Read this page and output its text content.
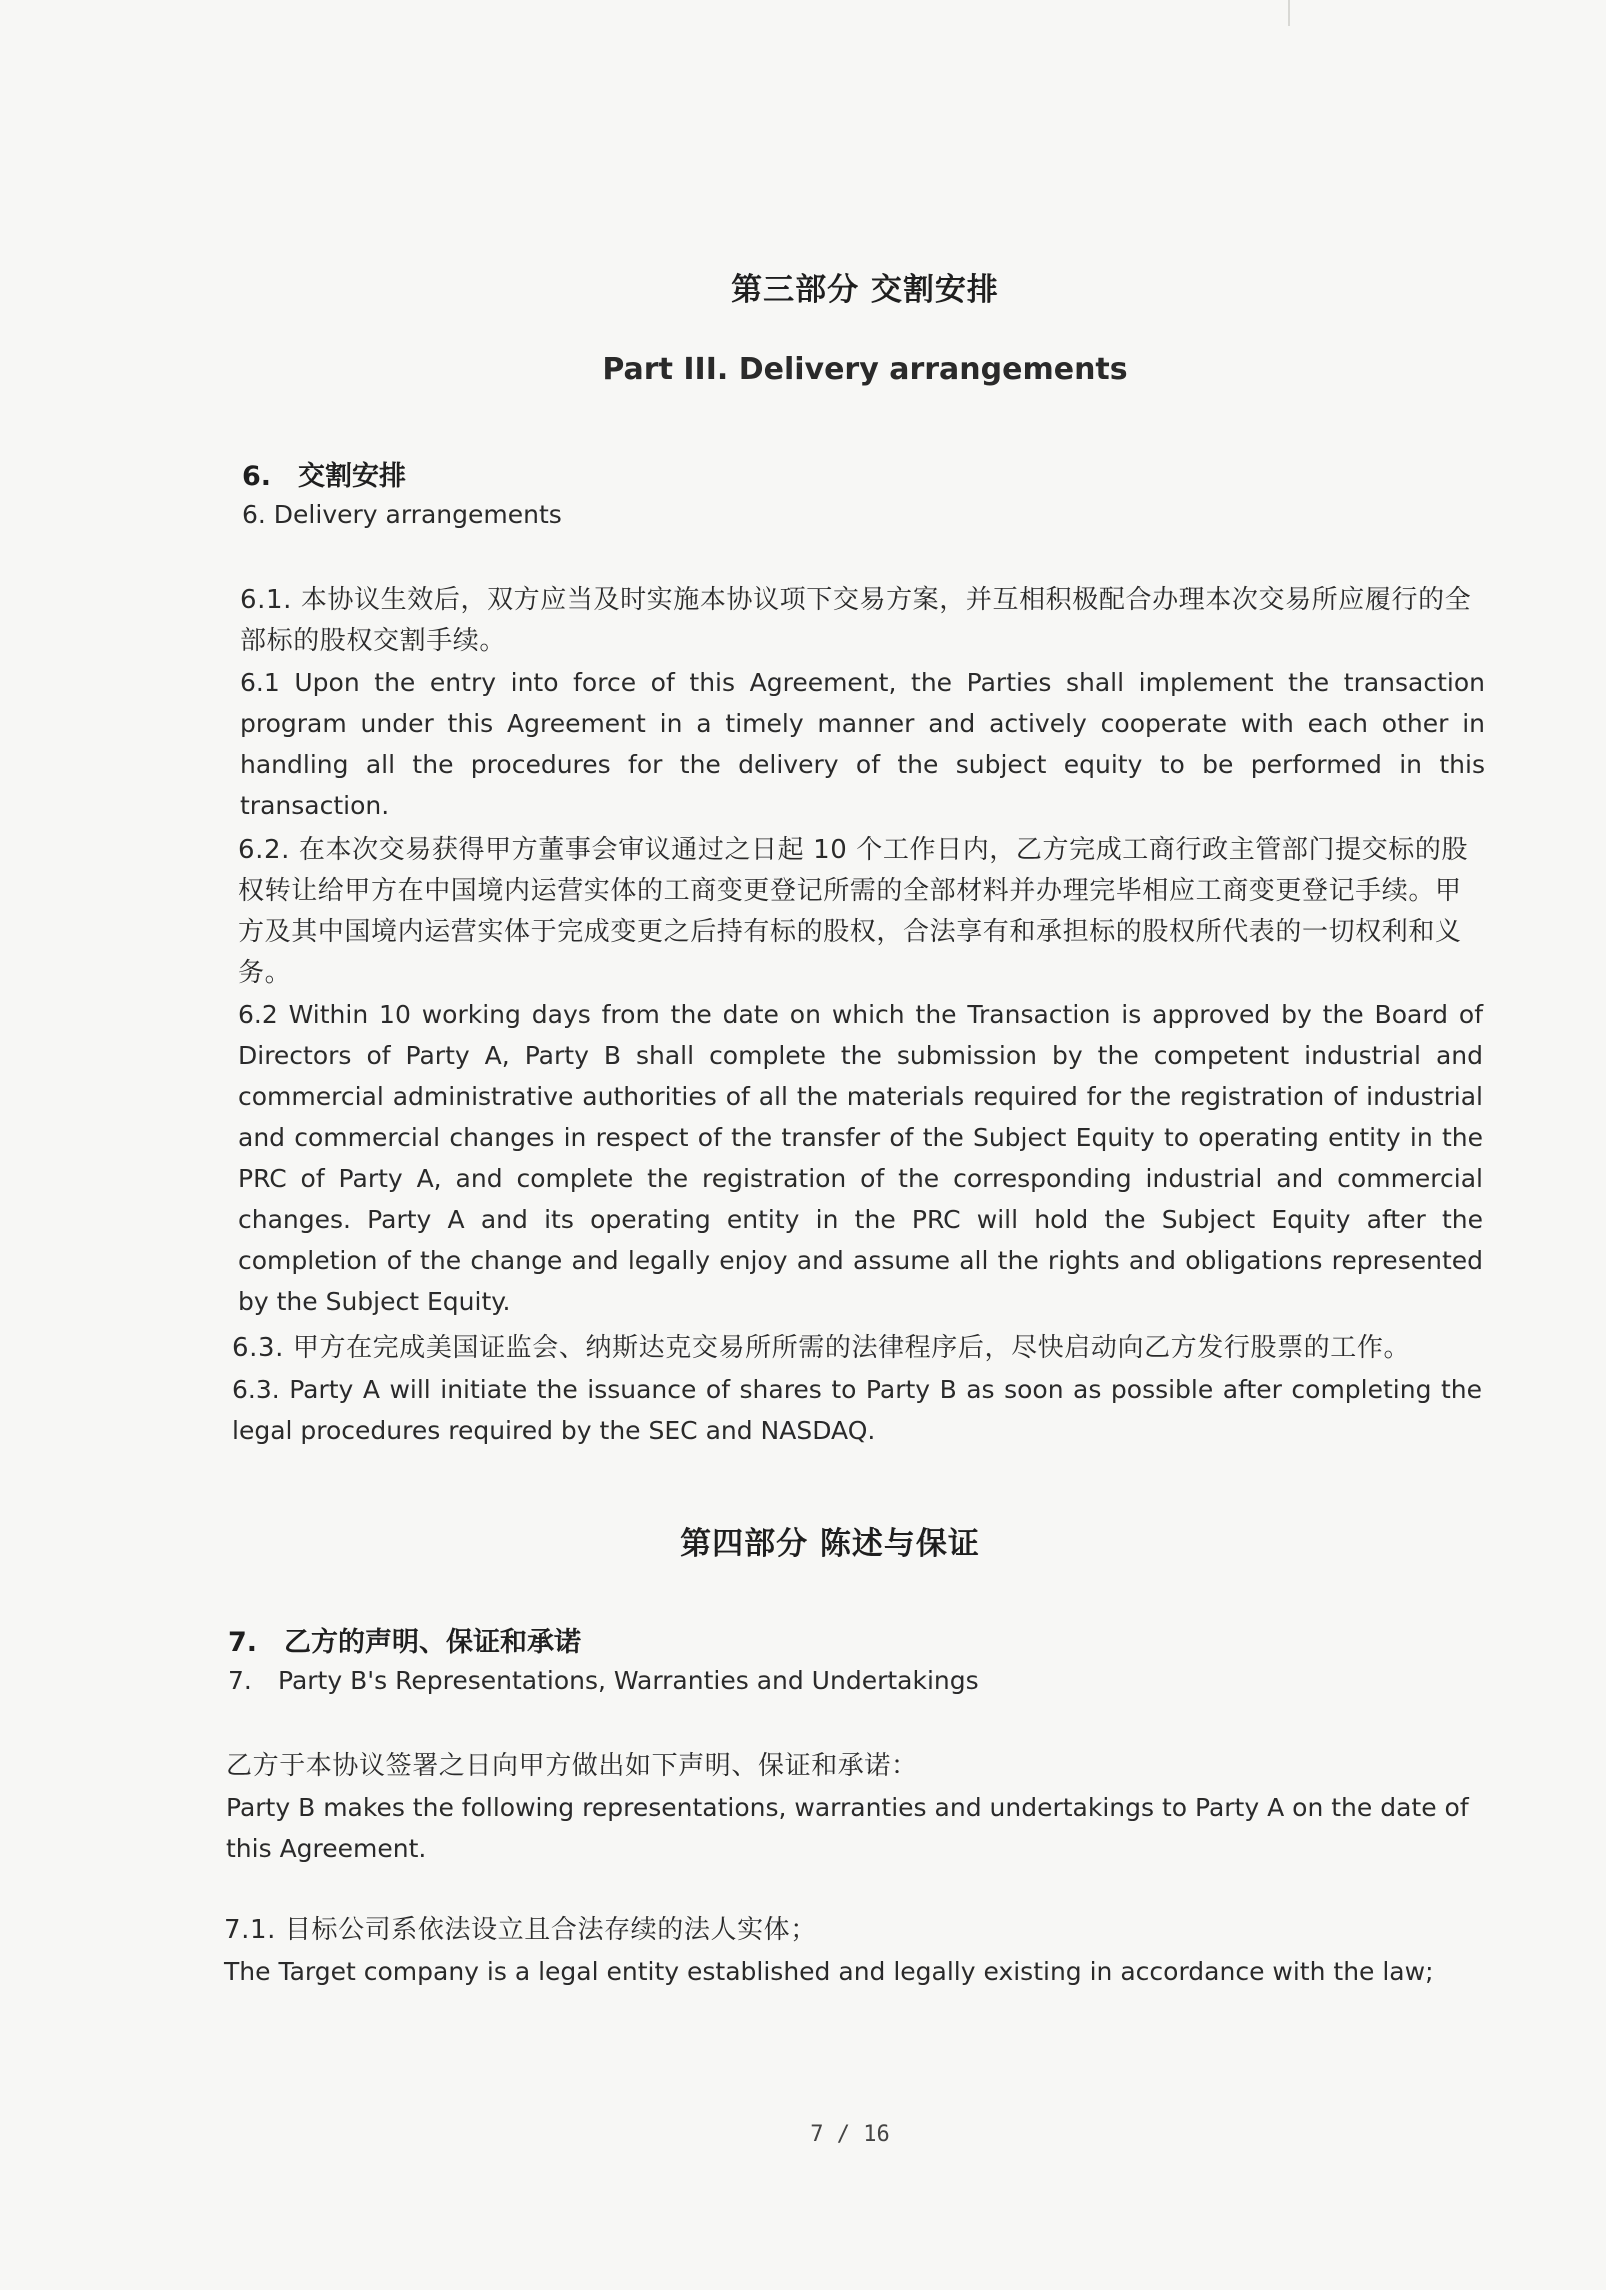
第三部分 交割安排
Part III. Delivery arrangements
6. 交割安排
6. Delivery arrangements
6.1. 本协议生效后，双方应当及时实施本协议项下交易方案，并互相积极配合办理本次交易所应履行的全部标的股权交割手续。
6.1 Upon the entry into force of this Agreement, the Parties shall implement the transaction program under this Agreement in a timely manner and actively cooperate with each other in handling all the procedures for the delivery of the subject equity to be performed in this transaction.
6.2. 在本次交易获得甲方董事会审议通过之日起 10 个工作日内，乙方完成工商行政主管部门提交标的股权转让给甲方在中国境内运营实体的工商变更登记所需的全部材料并办理完毕相应工商变更登记手续。甲方及其中国境内运营实体于完成变更之后持有标的股权，合法享有和承担标的股权所代表的一切权利和义务。
6.2 Within 10 working days from the date on which the Transaction is approved by the Board of Directors of Party A, Party B shall complete the submission by the competent industrial and commercial administrative authorities of all the materials required for the registration of industrial and commercial changes in respect of the transfer of the Subject Equity to operating entity in the PRC of Party A, and complete the registration of the corresponding industrial and commercial changes. Party A and its operating entity in the PRC will hold the Subject Equity after the completion of the change and legally enjoy and assume all the rights and obligations represented by the Subject Equity.
6.3. 甲方在完成美国证监会、纳斯达克交易所所需的法律程序后，尽快启动向乙方发行股票的工作。
6.3. Party A will initiate the issuance of shares to Party B as soon as possible after completing the legal procedures required by the SEC and NASDAQ.
第四部分 陈述与保证
7. 乙方的声明、保证和承诺
7. Party B's Representations, Warranties and Undertakings
乙方于本协议签署之日向甲方做出如下声明、保证和承诺：
Party B makes the following representations, warranties and undertakings to Party A on the date of this Agreement.
7.1. 目标公司系依法设立且合法存续的法人实体；
The Target company is a legal entity established and legally existing in accordance with the law;
7 / 16
